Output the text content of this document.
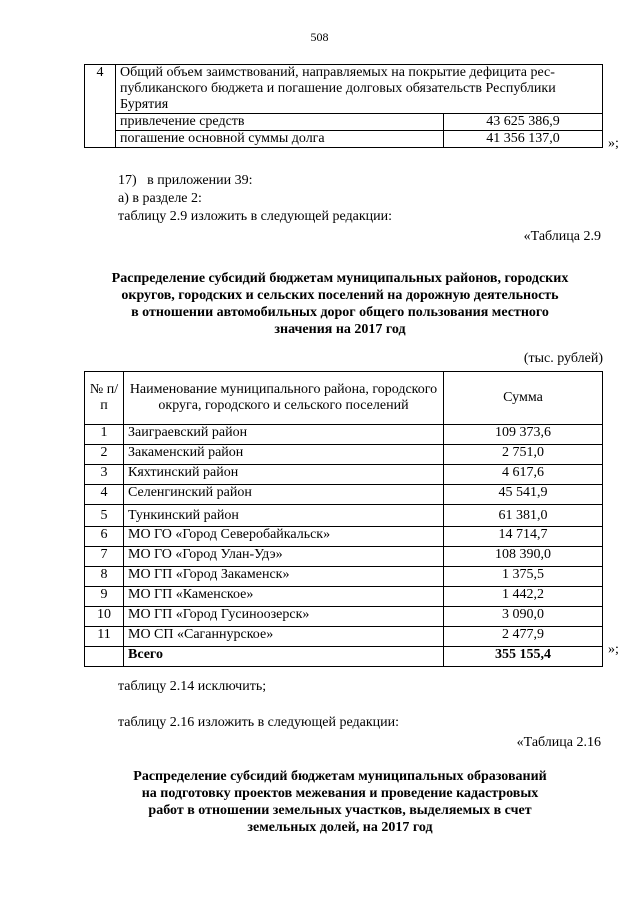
508
4	Общий объем заимствований, направляемых на покрытие дефицита рес-публиканского бюджета и погашение долговых обязательств Республики Бурятия	
	привлечение средств	43 625 386,9
	погашение основной суммы долга	41 356 137,0	»;
17)   в приложении 39:
а) в разделе 2:
таблицу 2.9 изложить в следующей редакции:
«Таблица 2.9
Распределение субсидий бюджетам муниципальных районов, городских
округов, городских и сельских поселений на дорожную деятельность
в отношении автомобильных дорог общего пользования местного
значения на 2017 год
(тыс. рублей)
№ п/п	Наименование муниципального района, городского округа, городского и сельского поселений	Сумма
1	Заиграевский район	109 373,6
2	Закаменский район	2 751,0
3	Кяхтинский район	4 617,6
4	Селенгинский район	45 541,9
5	Тункинский район	61 381,0
6	МО ГО «Город Северобайкальск»	14 714,7
7	МО ГО «Город Улан-Удэ»	108 390,0
8	МО ГП «Город Закаменск»	1 375,5
9	МО ГП «Каменское»	1 442,2
10	МО ГП «Город Гусиноозерск»	3 090,0
11	МО СП «Саганнурское»	2 477,9
	Всего	355 155,4	»;
таблицу 2.14 исключить;
таблицу 2.16 изложить в следующей редакции:
«Таблица 2.16
Распределение субсидий бюджетам муниципальных образований
на подготовку проектов межевания и проведение кадастровых
работ в отношении земельных участков, выделяемых в счет
земельных долей, на 2017 год
